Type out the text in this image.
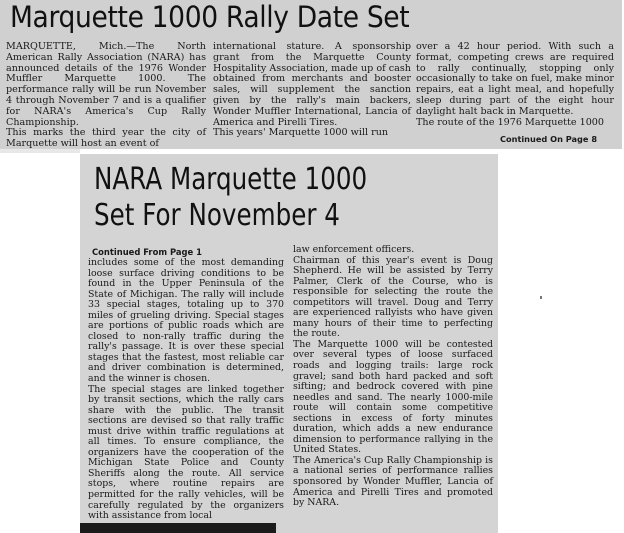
Marquette 1000 Rally Date Set
MARQUETTE, Mich.—The North American Rally Association (NARA) has announced details of the 1976 Wonder Muffler Marquette 1000. The performance rally will be run November 4 through November 7 and is a qualifier for NARA's America's Cup Rally Championship.
This marks the third year the city of Marquette will host an event of
international stature. A sponsorship grant from the Marquette County Hospitality Association, made up of cash obtained from merchants and booster sales, will supplement the sanction given by the rally's main backers, Wonder Muffler International, Lancia of America and Pirelli Tires.
This years' Marquette 1000 will run
over a 42 hour period. With such a format, competing crews are required to rally continually, stopping only occasionally to take on fuel, make minor repairs, eat a light meal, and hopefully sleep during part of the eight hour daylight halt back in Marquette.
The route of the 1976 Marquette 1000
Continued On Page 8
NARA Marquette 1000
Set For November 4
Continued From Page 1
includes some of the most demanding loose surface driving conditions to be found in the Upper Peninsula of the State of Michigan. The rally will include 33 special stages, totaling up to 370 miles of grueling driving. Special stages are portions of public roads which are closed to non-rally traffic during the rally's passage. It is over these special stages that the fastest, most reliable car and driver combination is determined, and the winner is chosen.
The special stages are linked together by transit sections, which the rally cars share with the public. The transit sections are devised so that rally traffic must drive within traffic regulations at all times. To ensure compliance, the organizers have the cooperation of the Michigan State Police and County Sheriffs along the route. All service stops, where routine repairs are permitted for the rally vehicles, will be carefully regulated by the organizers with assistance from local
law enforcement officers.
Chairman of this year's event is Doug Shepherd. He will be assisted by Terry Palmer, Clerk of the Course, who is responsible for selecting the route the competitors will travel. Doug and Terry are experienced rallyists who have given many hours of their time to perfecting the route.
The Marquette 1000 will be contested over several types of loose surfaced roads and logging trails: large rock gravel; sand both hard packed and soft sifting; and bedrock covered with pine needles and sand. The nearly 1000-mile route will contain some competitive sections in excess of forty minutes duration, which adds a new endurance dimension to performance rallying in the United States.
The America's Cup Rally Championship is a national series of performance rallies sponsored by Wonder Muffler, Lancia of America and Pirelli Tires and promoted by NARA.
